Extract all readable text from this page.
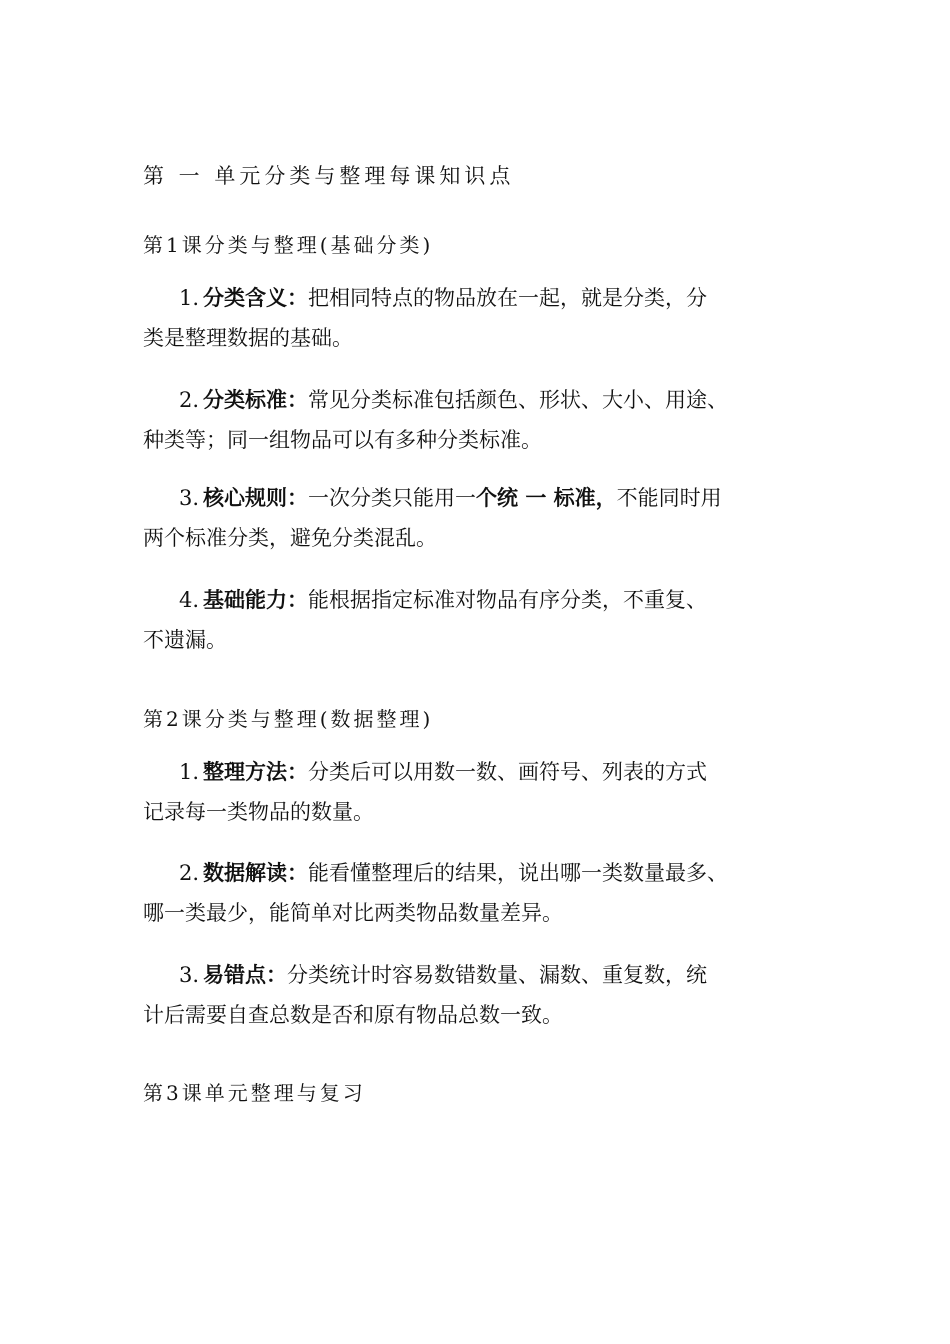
第 一 单元分类与整理每课知识点
第1课分类与整理(基础分类)
1. 分类含义：把相同特点的物品放在一起，就是分类，分
类是整理数据的基础。
2. 分类标准：常见分类标准包括颜色、形状、大小、用途、
种类等；同一组物品可以有多种分类标准。
3. 核心规则：一次分类只能用一个统 一 标准，不能同时用
两个标准分类，避免分类混乱。
4. 基础能力：能根据指定标准对物品有序分类，不重复、
不遗漏。
第2课分类与整理(数据整理)
1. 整理方法：分类后可以用数一数、画符号、列表的方式
记录每一类物品的数量。
2. 数据解读：能看懂整理后的结果，说出哪一类数量最多、
哪一类最少，能简单对比两类物品数量差异。
3. 易错点：分类统计时容易数错数量、漏数、重复数，统
计后需要自查总数是否和原有物品总数一致。
第3课单元整理与复习
